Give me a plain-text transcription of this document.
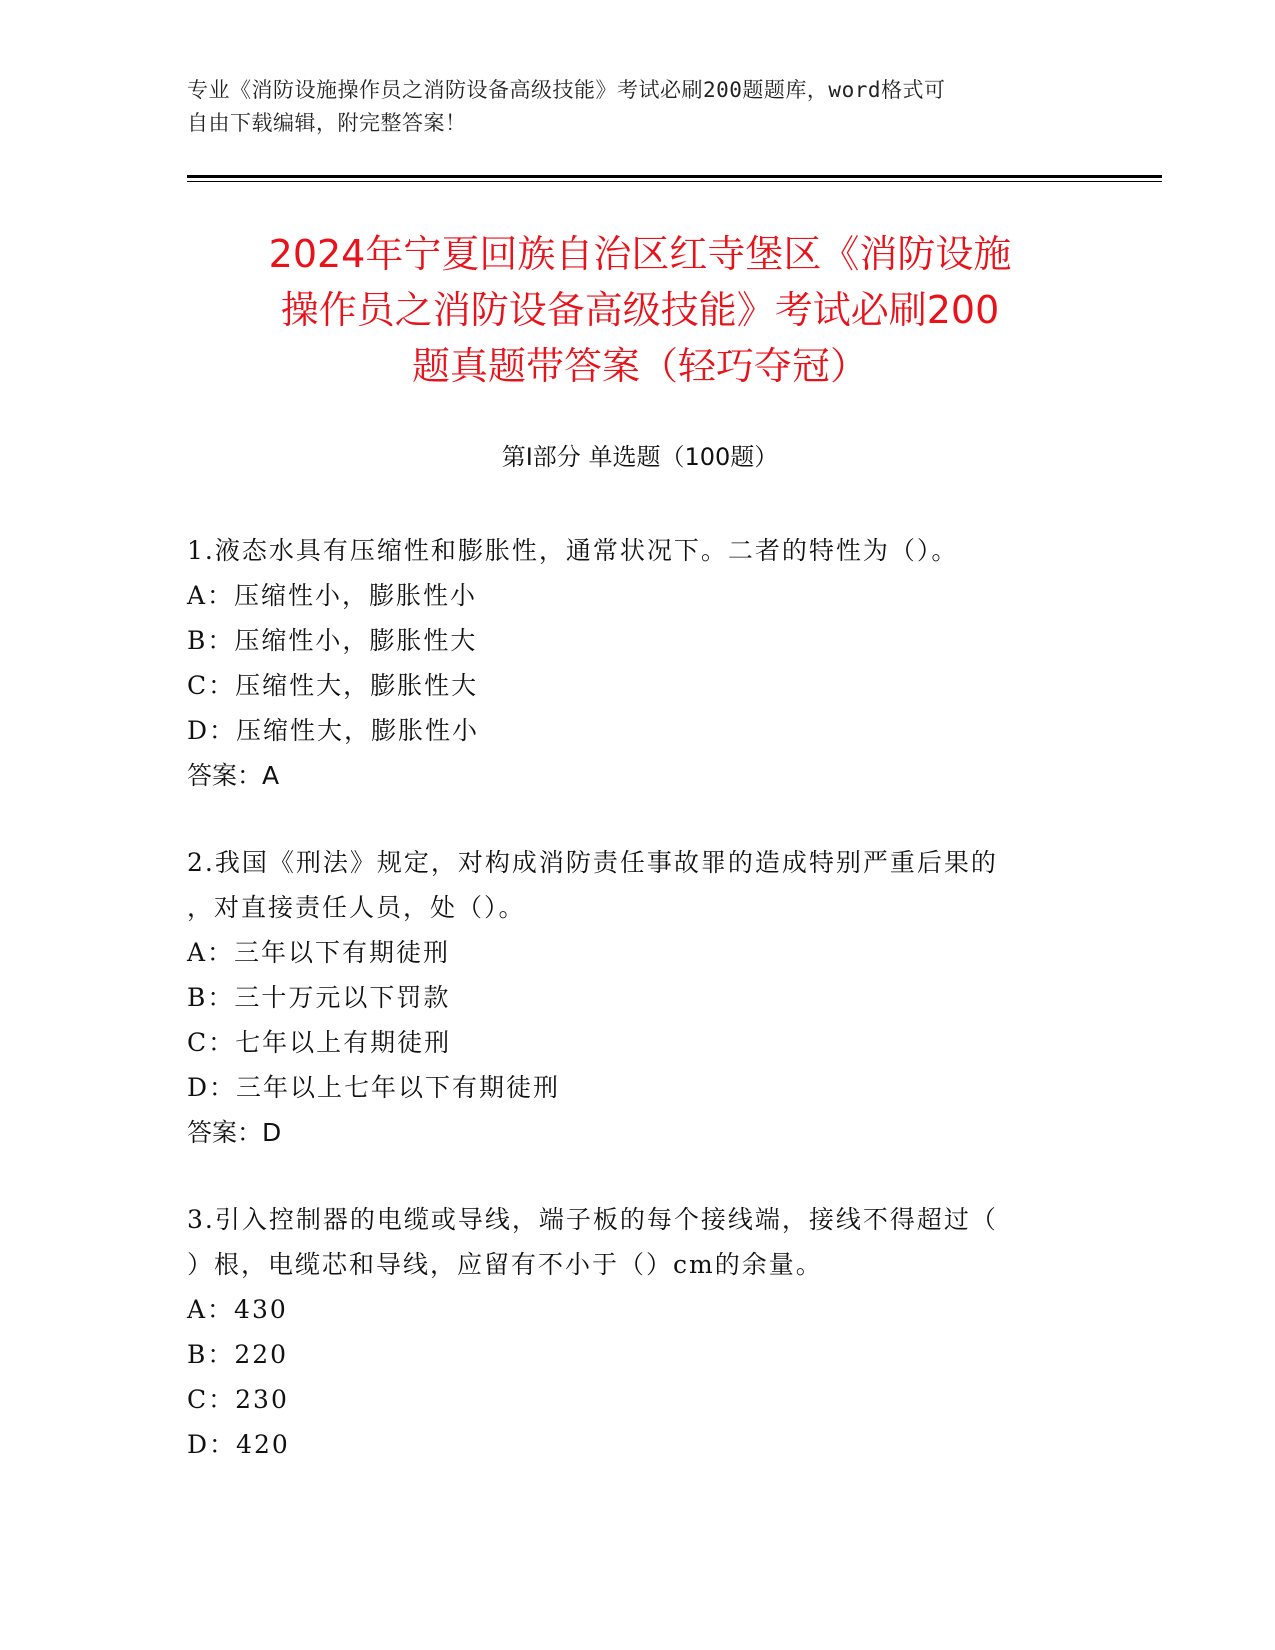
专业《消防设施操作员之消防设备高级技能》考试必刷200题题库，word格式可
自由下载编辑，附完整答案！
2024年宁夏回族自治区红寺堡区《消防设施
操作员之消防设备高级技能》考试必刷200
题真题带答案（轻巧夺冠）
第Ⅰ部分 单选题（100题）
1.液态水具有压缩性和膨胀性，通常状况下。二者的特性为（）。
A：压缩性小，膨胀性小
B：压缩性小，膨胀性大
C：压缩性大，膨胀性大
D：压缩性大，膨胀性小
答案：A
2.我国《刑法》规定，对构成消防责任事故罪的造成特别严重后果的
，对直接责任人员，处（）。
A：三年以下有期徒刑
B：三十万元以下罚款
C：七年以上有期徒刑
D：三年以上七年以下有期徒刑
答案：D
3.引入控制器的电缆或导线，端子板的每个接线端，接线不得超过（
）根，电缆芯和导线，应留有不小于（）cm的余量。
A：430
B：220
C：230
D：420
